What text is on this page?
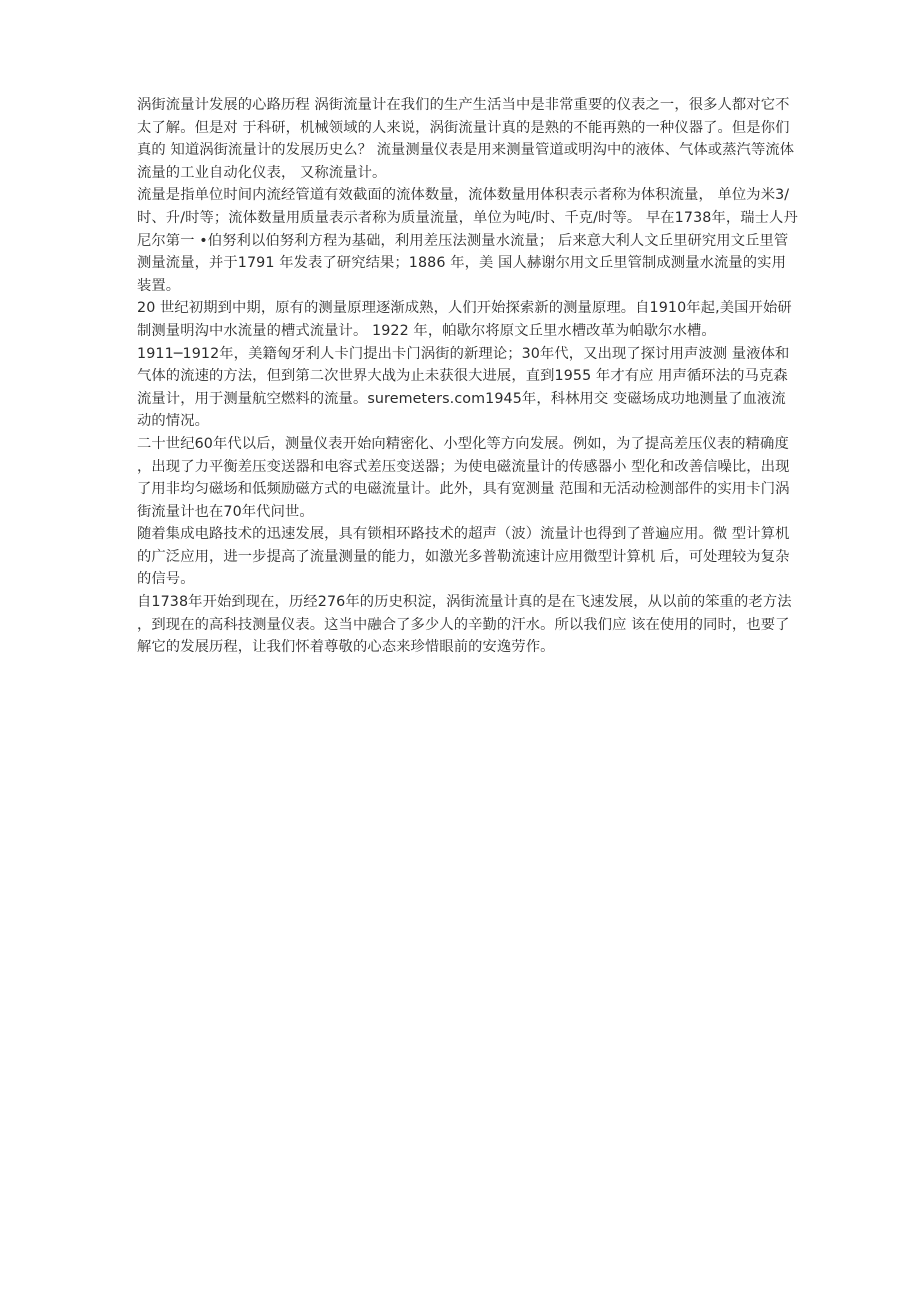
涡街流量计发展的心路历程 涡街流量计在我们的生产生活当中是非常重要的仪表之一，很多人都对它不太了解。但是对 于科研，机械领域的人来说，涡街流量计真的是熟的不能再熟的一种仪器了。但是你们真的 知道涡街流量计的发展历史么？ 流量测量仪表是用来测量管道或明沟中的液体、气体或蒸汽等流体流量的工业自动化仪表， 又称流量计。

流量是指单位时间内流经管道有效截面的流体数量，流体数量用体积表示者称为体积流量， 单位为米3/时、升/时等；流体数量用质量表示者称为质量流量，单位为吨/时、千克/时等。 早在1738年，瑞士人丹尼尔第一 •伯努利以伯努利方程为基础，利用差压法测量水流量； 后来意大利人文丘里研究用文丘里管测量流量，并于1791 年发表了研究结果；1886 年，美 国人赫谢尔用文丘里管制成测量水流量的实用装置。

20 世纪初期到中期，原有的测量原理逐渐成熟，人们开始探索新的测量原理。自1910年起,美国开始研制测量明沟中水流量的槽式流量计。 1922 年，帕歇尔将原文丘里水槽改革为帕歇尔水槽。

1911─1912年，美籍匈牙利人卡门提出卡门涡街的新理论；30年代，又出现了探讨用声波测 量液体和气体的流速的方法，但到第二次世界大战为止未获很大进展，直到1955 年才有应 用声循环法的马克森流量计，用于测量航空燃料的流量。suremeters.com1945年，科林用交 变磁场成功地测量了血液流动的情况。

二十世纪60年代以后，测量仪表开始向精密化、小型化等方向发展。例如，为了提高差压仪表的精确度，出现了力平衡差压变送器和电容式差压变送器；为使电磁流量计的传感器小 型化和改善信噪比，出现了用非均匀磁场和低频励磁方式的电磁流量计。此外，具有宽测量 范围和无活动检测部件的实用卡门涡街流量计也在70年代问世。

随着集成电路技术的迅速发展，具有锁相环路技术的超声（波）流量计也得到了普遍应用。微 型计算机的广泛应用，进一步提高了流量测量的能力，如激光多普勒流速计应用微型计算机 后，可处理较为复杂的信号。

自1738年开始到现在，历经276年的历史积淀，涡街流量计真的是在飞速发展，从以前的笨重的老方法，到现在的高科技测量仪表。这当中融合了多少人的辛勤的汗水。所以我们应 该在使用的同时，也要了解它的发展历程，让我们怀着尊敬的心态来珍惜眼前的安逸劳作。
